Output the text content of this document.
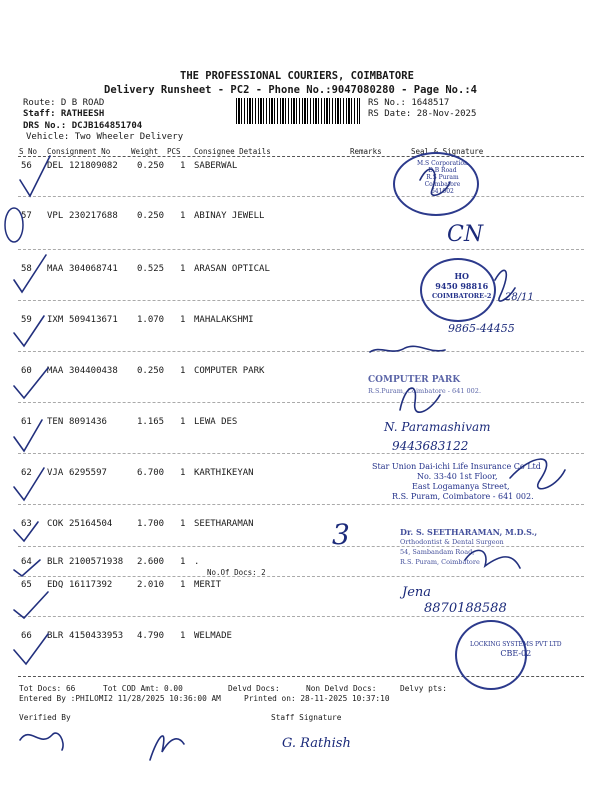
THE PROFESSIONAL COURIERS, COIMBATORE
Delivery Runsheet - PC2 - Phone No.:9047080280 - Page No.:4
Route: D B ROAD
Staff: RATHEESH
DRS No.: DCJB164851704
Vehicle: Two Wheeler Delivery
RS No.: 1648517
RS Date: 28-Nov-2025
S No Consignment No	Weight PCS Consignee Details	Remarks	Seal & Signature
56 DEL 121809082 0.250 1 SABERWAL
57 VPL 230217688 0.250 1 ABINAY JEWELL
58 MAA 304068741 0.525 1 ARASAN OPTICAL
59 IXM 509413671 1.070 1 MAHALAKSHMI
60 MAA 304400438 0.250 1 COMPUTER PARK
61 TEN 8091436	1.165 1 LEWA DES
62 VJA 6295597	6.700 1 KARTHIKEYAN
63 COK 25164504	1.700 1 SEETHARAMAN
64 BLR 2100571938 2.600 1 .
No.Of Docs: 2
65 EDQ 16117392	2.010 1 MERIT
66 BLR 4150433953 4.790 1 WELMADE
Tot Docs: 66	Tot COD Amt: 0.00	Delvd Docs:	Non Delvd Docs:	Delvy pts:
Entered By :PHILOMI2 11/28/2025 10:36:00 AM	Printed on: 28-11-2025 10:37:10
Verified By	Staff Signature
M.S Corporation
D.B Road
R.S Puram
Coimbatore
641002
CN
HO
9450 98816
COIMBATORE-2 28/11
9865-44455
COMPUTER PARK
R.S.Puram, Coimbatore - 641 002.
N. Paramashivam
9443683122
Star Union Dai-ichi Life Insurance Co Ltd
No. 33-40 1st Floor,
East Logamanya Street,
R.S. Puram, Coimbatore - 641 002.
3	Dr. S. SEETHARAMAN, M.D.S.,
Orthodontist & Dental Surgeon
54, Sambandam Road,
R.S. Puram, Coimbatore
Jena
8870188588
LOCKING SYSTEMS PVT LTD
CBE-02
G. Rathish
